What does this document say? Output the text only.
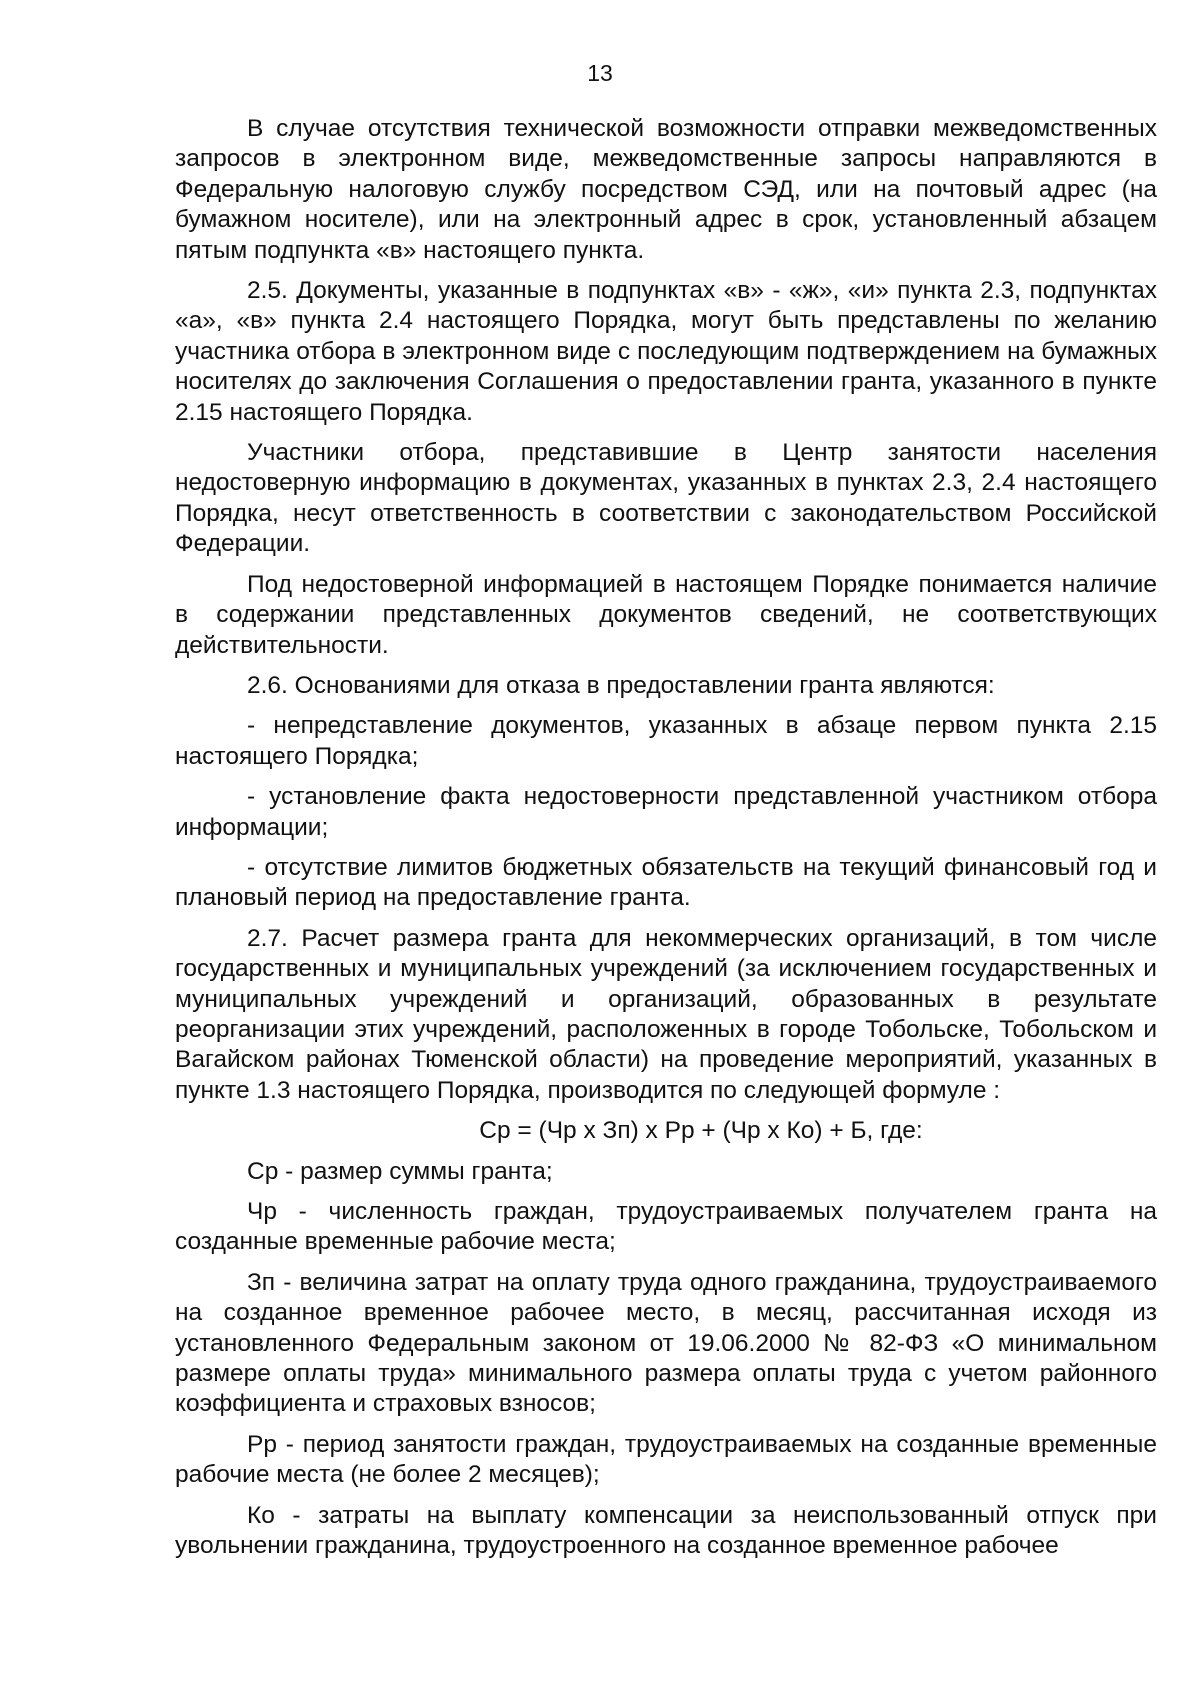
13

В случае отсутствия технической возможности отправки межведомственных запросов в электронном виде, межведомственные запросы направляются в Федеральную налоговую службу посредством СЭД, или на почтовый адрес (на бумажном носителе), или на электронный адрес в срок, установленный абзацем пятым подпункта «в» настоящего пункта.

2.5. Документы, указанные в подпунктах «в» - «ж», «и» пункта 2.3, подпунктах «а», «в» пункта 2.4 настоящего Порядка, могут быть представлены по желанию участника отбора в электронном виде с последующим подтверждением на бумажных носителях до заключения Соглашения о предоставлении гранта, указанного в пункте 2.15 настоящего Порядка.

Участники отбора, представившие в Центр занятости населения недостоверную информацию в документах, указанных в пунктах 2.3, 2.4 настоящего Порядка, несут ответственность в соответствии с законодательством Российской Федерации.

Под недостоверной информацией в настоящем Порядке понимается наличие в содержании представленных документов сведений, не соответствующих действительности.

2.6. Основаниями для отказа в предоставлении гранта являются:

- непредставление документов, указанных в абзаце первом пункта 2.15 настоящего Порядка;

- установление факта недостоверности представленной участником отбора информации;

- отсутствие лимитов бюджетных обязательств на текущий финансовый год и плановый период на предоставление гранта.

2.7. Расчет размера гранта для некоммерческих организаций, в том числе государственных и муниципальных учреждений (за исключением государственных и муниципальных учреждений и организаций, образованных в результате реорганизации этих учреждений, расположенных в городе Тобольске, Тобольском и Вагайском районах Тюменской области) на проведение мероприятий, указанных в пункте 1.3 настоящего Порядка, производится по следующей формуле :

Ср = (Чр х Зп) х Рр + (Чр х Ко) + Б, где:

Ср - размер суммы гранта;

Чр - численность граждан, трудоустраиваемых получателем гранта на созданные временные рабочие места;

Зп - величина затрат на оплату труда одного гражданина, трудоустраиваемого на созданное временное рабочее место, в месяц, рассчитанная исходя из установленного Федеральным законом от 19.06.2000 № 82-ФЗ «О минимальном размере оплаты труда» минимального размера оплаты труда с учетом районного коэффициента и страховых взносов;

Рр - период занятости граждан, трудоустраиваемых на созданные временные рабочие места (не более 2 месяцев);

Ко - затраты на выплату компенсации за неиспользованный отпуск при увольнении гражданина, трудоустроенного на созданное временное рабочее
